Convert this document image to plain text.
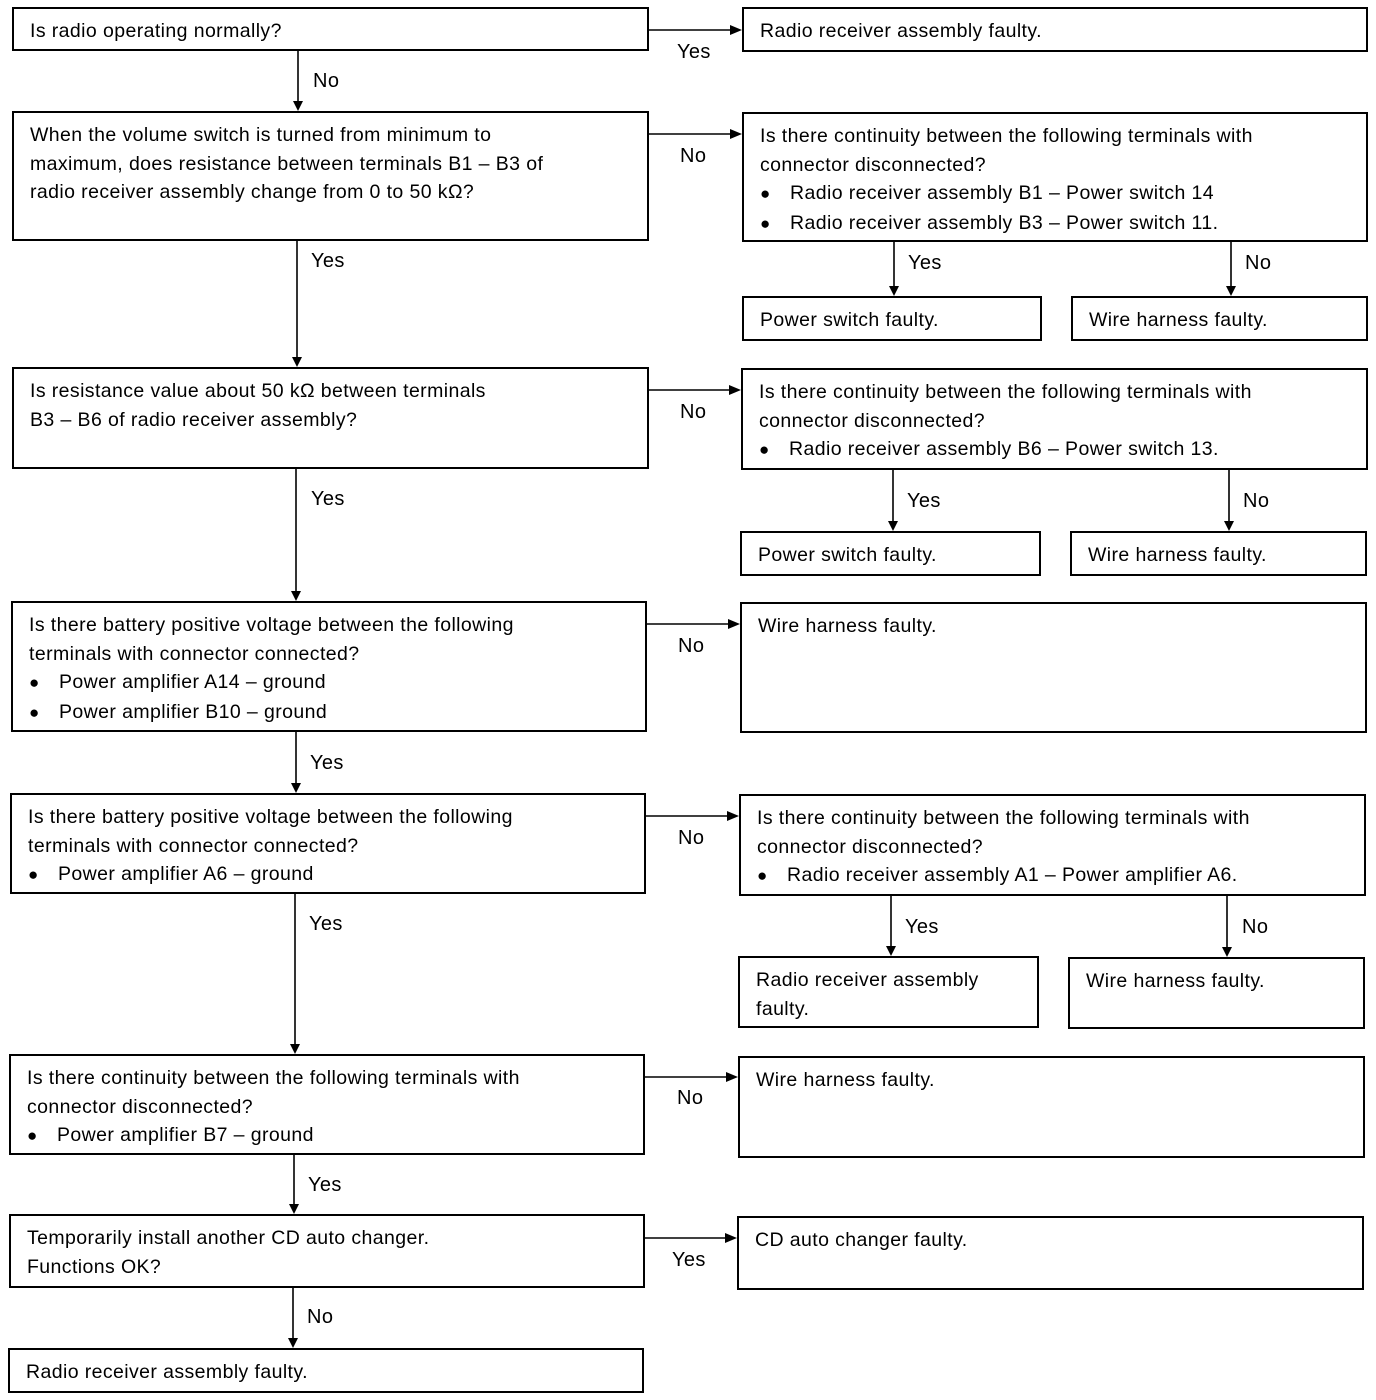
Is radio operating normally?	Radio receiver assembly faulty.
When the volume switch is turned from minimum to
maximum, does resistance between terminals B1 – B3 of
radio receiver assembly change from 0 to 50 kΩ?
Is there continuity between the following terminals with
connector disconnected?
● Radio receiver assembly B1 – Power switch 14
● Radio receiver assembly B3 – Power switch 11.
Power switch faulty.	Wire harness faulty.
Is resistance value about 50 kΩ between terminals
B3 – B6 of radio receiver assembly?
Is there continuity between the following terminals with
connector disconnected?
● Radio receiver assembly B6 – Power switch 13.
Power switch faulty.	Wire harness faulty.
Is there battery positive voltage between the following
terminals with connector connected?
● Power amplifier A14 – ground
● Power amplifier B10 – ground
Wire harness faulty.
Is there battery positive voltage between the following
terminals with connector connected?
● Power amplifier A6 – ground
Is there continuity between the following terminals with
connector disconnected?
● Radio receiver assembly A1 – Power amplifier A6.
Radio receiver assembly
faulty.
Wire harness faulty.
Is there continuity between the following terminals with
connector disconnected?
● Power amplifier B7 – ground
Wire harness faulty.
Temporarily install another CD auto changer.
Functions OK?
CD auto changer faulty.
Radio receiver assembly faulty.
Yes
No
No
Yes	Yes	No
No
Yes	Yes	No
No
Yes
No
Yes	Yes	No
No
Yes
Yes
No
